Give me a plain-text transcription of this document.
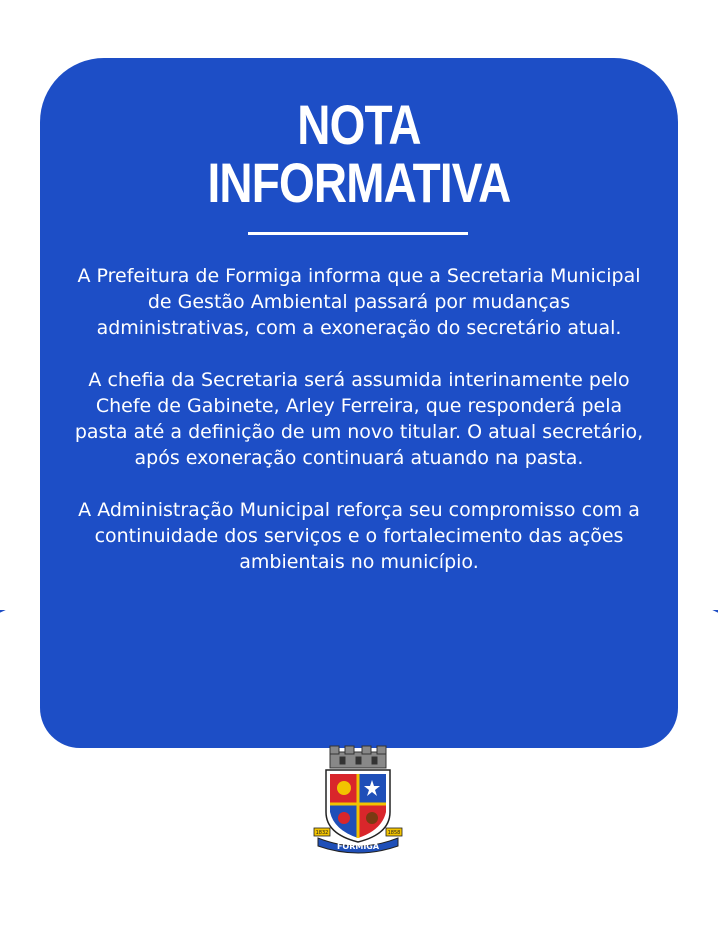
NOTA
INFORMATIVA

A Prefeitura de Formiga informa que a Secretaria Municipal de Gestão Ambiental passará por mudanças administrativas, com a exoneração do secretário atual.

A chefia da Secretaria será assumida interinamente pelo Chefe de Gabinete, Arley Ferreira, que responderá pela pasta até a definição de um novo titular. O atual secretário, após exoneração continuará atuando na pasta.

A Administração Municipal reforça seu compromisso com a continuidade dos serviços e o fortalecimento das ações ambientais no município.

FORMIGA
1832	1858
